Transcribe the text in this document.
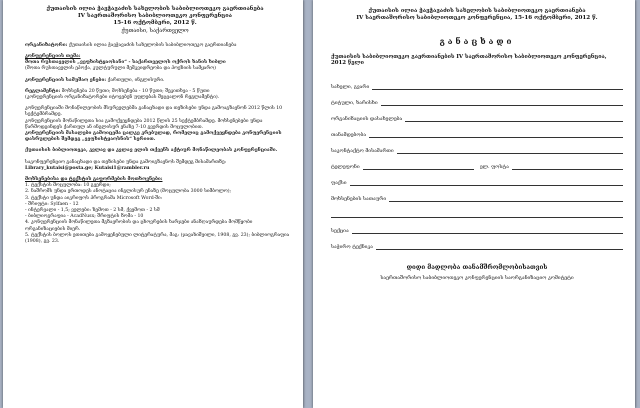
ქუთაისის ილია ჭავჭავაძის სახელობის საბიბლიოთეკო გაერთიანება
IV საერთაშორისო საბიბლიოთეკო კონფერენცია
15-16 ოქტომბერი, 2012 წ.
ქუთაისი, საქართველო

ორგანიზატორი: ქუთაისის ილია ჭავჭავაძის სახელობის საბიბლიოთეკო გაერთიანება

კონფერენციის თემა:

შოთა რუსთაველის „ვეფხისტყაოსანი“ - საქართველოს ოქროს ხანის ხიბლი

(შოთა რუსთაველის ეპოქა, კულტურული მემკვიდრეობა და პოეზიის სამყარო)

კონფერენციის სამუშაო ენები: ქართული, ინგლისური.

რეგლამენტი: მოხსენება 20 წუთი; მოხსენება - 10 წუთი; შეკითხვა - 5 წუთი

(კონფერენციის ორგანიზატორები იტოვებენ უფლებას შეცვალონ რეგლამენტი).

კონფერენციაში მონაწილეობის მსურველებმა განაცხადი და თეზისები უნდა გამოაგზავნონ 2012 წლის 10 სექტემბრამდე.

კონფერენციის მონაწილეთა სია გამოქვეყნდება 2012 წლის 25 სექტემბრამდე. მოხსენებები უნდა წარმოდგინდეს ქართულ ან ინგლისურ ენაზე 7-10 გვერდის მოცულობით.

კონფერენციის მასალები გამოიცემა ცალკე კრებულად, რომელიც გამოქვეყნდება კონფერენციის დასრულების შემდეგ „ვეფხისტყაოსნის“ სერიით.

ქუთაისის ბიბლიოთეკა, კვლავ და კვლავ ელის თქვენს აქტიურ მონაწილეობას კონფერენციაში.

საკონფერენციო განაცხადი და თეზისები უნდა გამოიგზავნოს შემდეგ მისამართზე:

Library_kutaisi@posta.ge; Kutaisi1@rambler.ru

მოხსენებისა და ტექსტის გაფორმების მოთხოვნები:

1. ტექსტის მოცულობა: 10 გვერდი;

2. ნაშრომს უნდა ერთოდეს ანოტაცია ინგლისურ ენაზე (მოცულობა 3000 სიმბოლო);

3. ტექსტი უნდა აიკრიფოს პროგრამა Microsoft Word-ში:

- შრიფტი: Sylfaen - 12

- ინტერვალი - 1,5; ველები: ზემოთ - 2 სმ, ქვემოთ - 2 სმ

- ბიბლიოგრაფია - AcadNusx; შრიფტის ზომა - 10

4. კონფერენციის მონაწილეთა მგზავრობის და ცხოვრების ხარჯები ანაზღაურდება მომწყობი ორგანიზაციების მიერ.

5. ტექსტის ბოლოს ეთითება გამოყენებული ლიტერატურა, მაგ: (ჯავახიშვილი, 1908, გვ. 23); ბიბლიოგრაფია (1908), გვ. 23.

ქუთაისის ილია ჭავჭავაძის სახელობის საბიბლიოთეკო გაერთიანება
IV საერთაშორისო საბიბლიოთეკო კონფერენცია, 15-16 ოქტომბერი, 2012 წ.
განაცხადი
ქუთაისის საბიბლიოთეკო გაერთიანების IV საერთაშორისო საბიბლიოთეკო კონფერენცია, 2012 წელი
სახელი, გვარი
ტიტული, ხარისხი
ორგანიზაციის დასახელება
თანამდებობა
საკონტაქტო მისამართი
ტელეფონი	ელ. ფოსტა
ფაქსი
მოხსენების სათაური
სექცია
საჭირო ტექნიკა
დიდი მადლობა თანამშრომლობისათვის
საერთაშორისო საბიბლიოთეკო კონფერენციის საორგანიზაციო კომიტეტი
